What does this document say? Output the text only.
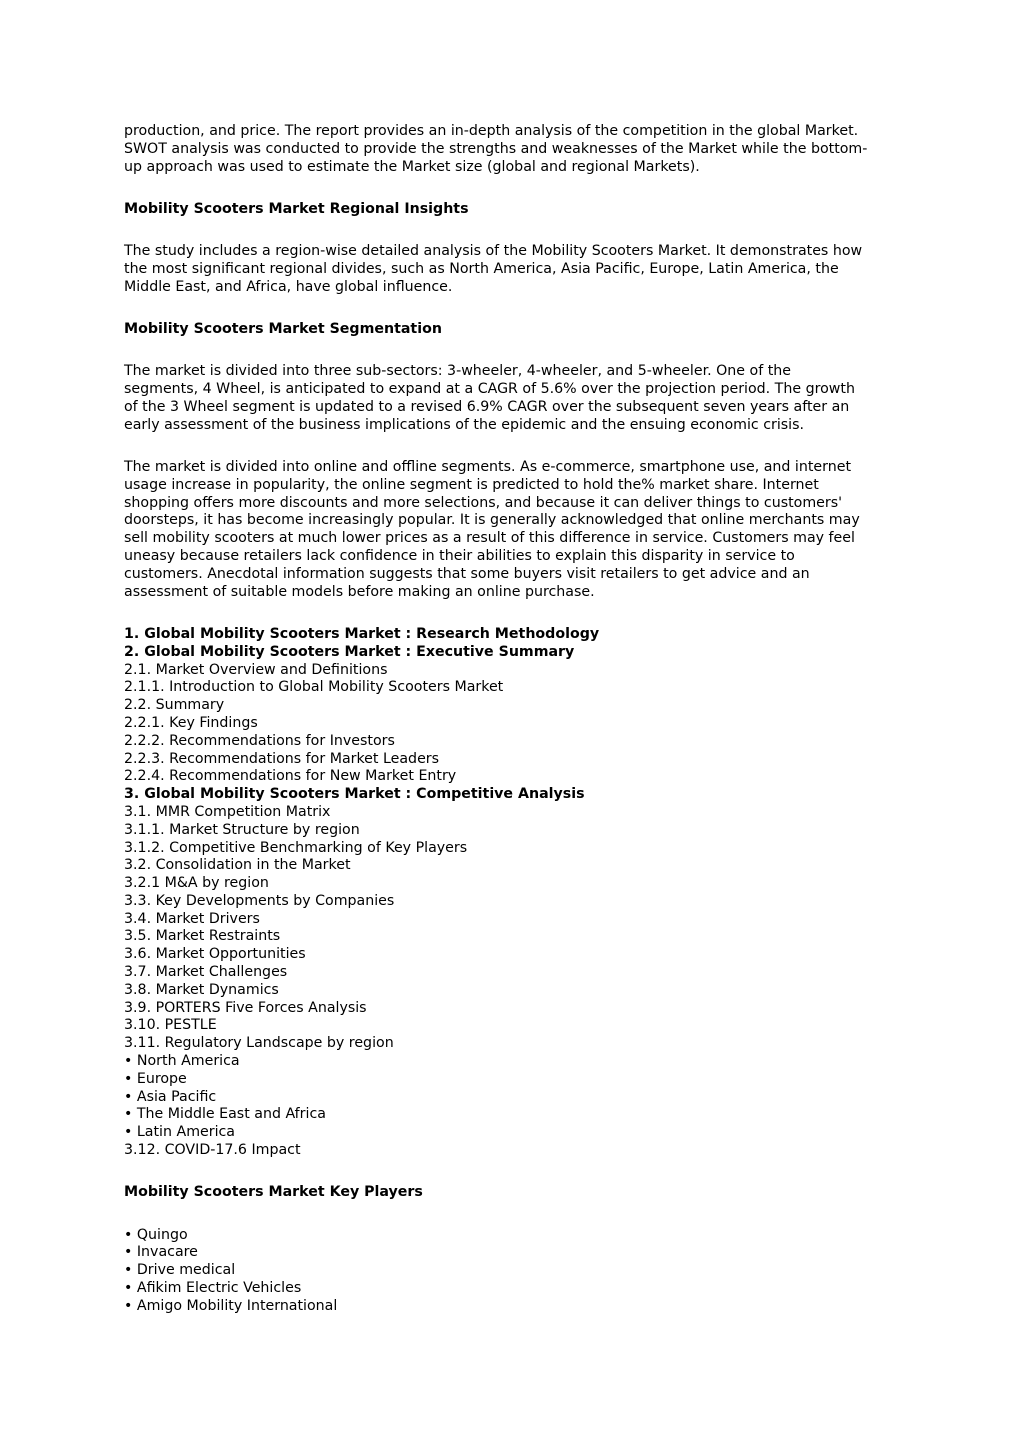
production, and price. The report provides an in-depth analysis of the competition in the global Market.
SWOT analysis was conducted to provide the strengths and weaknesses of the Market while the bottom-
up approach was used to estimate the Market size (global and regional Markets).

Mobility Scooters Market Regional Insights

The study includes a region-wise detailed analysis of the Mobility Scooters Market. It demonstrates how
the most significant regional divides, such as North America, Asia Pacific, Europe, Latin America, the
Middle East, and Africa, have global influence.

Mobility Scooters Market Segmentation

The market is divided into three sub-sectors: 3-wheeler, 4-wheeler, and 5-wheeler. One of the
segments, 4 Wheel, is anticipated to expand at a CAGR of 5.6% over the projection period. The growth
of the 3 Wheel segment is updated to a revised 6.9% CAGR over the subsequent seven years after an
early assessment of the business implications of the epidemic and the ensuing economic crisis.

The market is divided into online and offline segments. As e-commerce, smartphone use, and internet
usage increase in popularity, the online segment is predicted to hold the% market share. Internet
shopping offers more discounts and more selections, and because it can deliver things to customers'
doorsteps, it has become increasingly popular. It is generally acknowledged that online merchants may
sell mobility scooters at much lower prices as a result of this difference in service. Customers may feel
uneasy because retailers lack confidence in their abilities to explain this disparity in service to
customers. Anecdotal information suggests that some buyers visit retailers to get advice and an
assessment of suitable models before making an online purchase.

1. Global Mobility Scooters Market : Research Methodology
2. Global Mobility Scooters Market : Executive Summary
2.1. Market Overview and Definitions
2.1.1. Introduction to Global Mobility Scooters Market
2.2. Summary
2.2.1. Key Findings
2.2.2. Recommendations for Investors
2.2.3. Recommendations for Market Leaders
2.2.4. Recommendations for New Market Entry
3. Global Mobility Scooters Market : Competitive Analysis
3.1. MMR Competition Matrix
3.1.1. Market Structure by region
3.1.2. Competitive Benchmarking of Key Players
3.2. Consolidation in the Market
3.2.1 M&A by region
3.3. Key Developments by Companies
3.4. Market Drivers
3.5. Market Restraints
3.6. Market Opportunities
3.7. Market Challenges
3.8. Market Dynamics
3.9. PORTERS Five Forces Analysis
3.10. PESTLE
3.11. Regulatory Landscape by region
• North America
• Europe
• Asia Pacific
• The Middle East and Africa
• Latin America
3.12. COVID-17.6 Impact

Mobility Scooters Market Key Players

• Quingo
• Invacare
• Drive medical
• Afikim Electric Vehicles
• Amigo Mobility International
